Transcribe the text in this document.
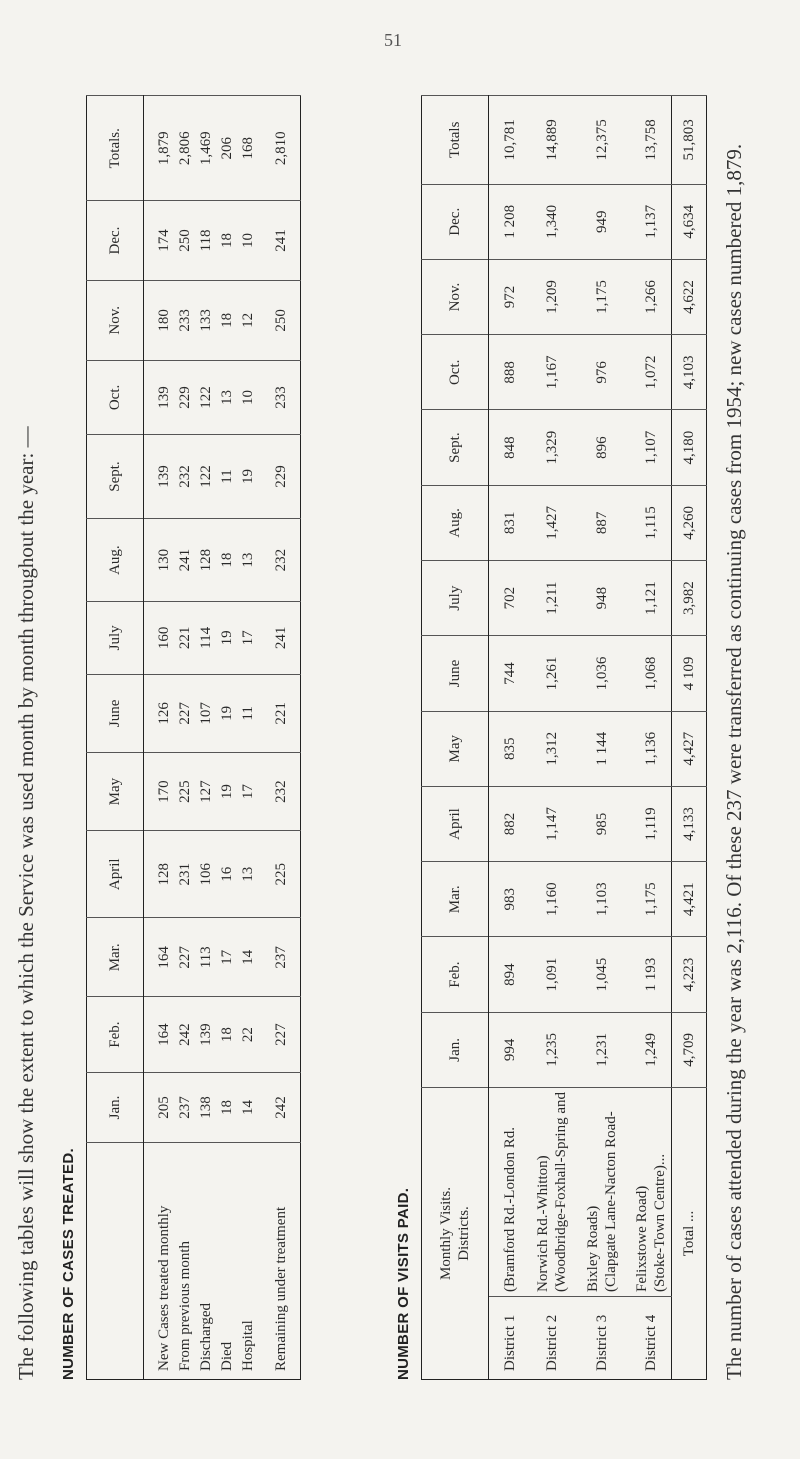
51
The following tables will show the extent to which the Service was used month by month throughout the year: — NUMBER OF CASES TREATED.
	Jan.	Feb.	Mar.	April	May	June	July	Aug.	Sept.	Oct.	Nov.	Dec.	Totals.
New Cases treated monthly	205	164	164	128	170	126	160	130	139	139	180	174	1,879
From previous month	237	242	227	231	225	227	221	241	232	229	233	250	2,806
Discharged	138	139	113	106	127	107	114	128	122	122	133	118	1,469
Died	18	18	17	16	19	19	19	18	11	13	18	18	206
Hospital	14	22	14	13	17	11	17	13	19	10	12	10	168
Remaining under treatment	242	227	237	225	232	221	241	232	229	233	250	241	2,810
NUMBER OF VISITS PAID. Monthly Visits. Districts.		Jan.	Feb.	Mar.	April	May	June	July	Aug.	Sept.	Oct.	Nov.	Dec.	Totals
District 1	(Bramford Rd.-London Rd.	994	894	983	882	835	744	702	831	848	888	972	1 208	10,781
District 2	Norwich Rd.-Whitton) (Woodbridge-Foxhall-Spring and	1,235	1,091	1,160	1,147	1,312	1,261	1,211	1,427	1,329	1,167	1,209	1,340	14,889
District 3	Bixley Roads) (Clapgate Lane-Nacton Road-	1,231	1,045	1,103	985	1 144	1,036	948	887	896	976	1,175	949	12,375
District 4	Felixstowe Road) (Stoke-Town Centre)...	1,249	1 193	1,175	1,119	1,136	1,068	1,121	1,115	1,107	1,072	1,266	1,137	13,758
Total ...		4,709	4,223	4,421	4,133	4,427	4 109	3,982	4,260	4,180	4,103	4,622	4,634	51,803
The number of cases attended during the year was 2,116. Of these 237 were transferred as continuing cases from 1954; new cases numbered 1,879.
